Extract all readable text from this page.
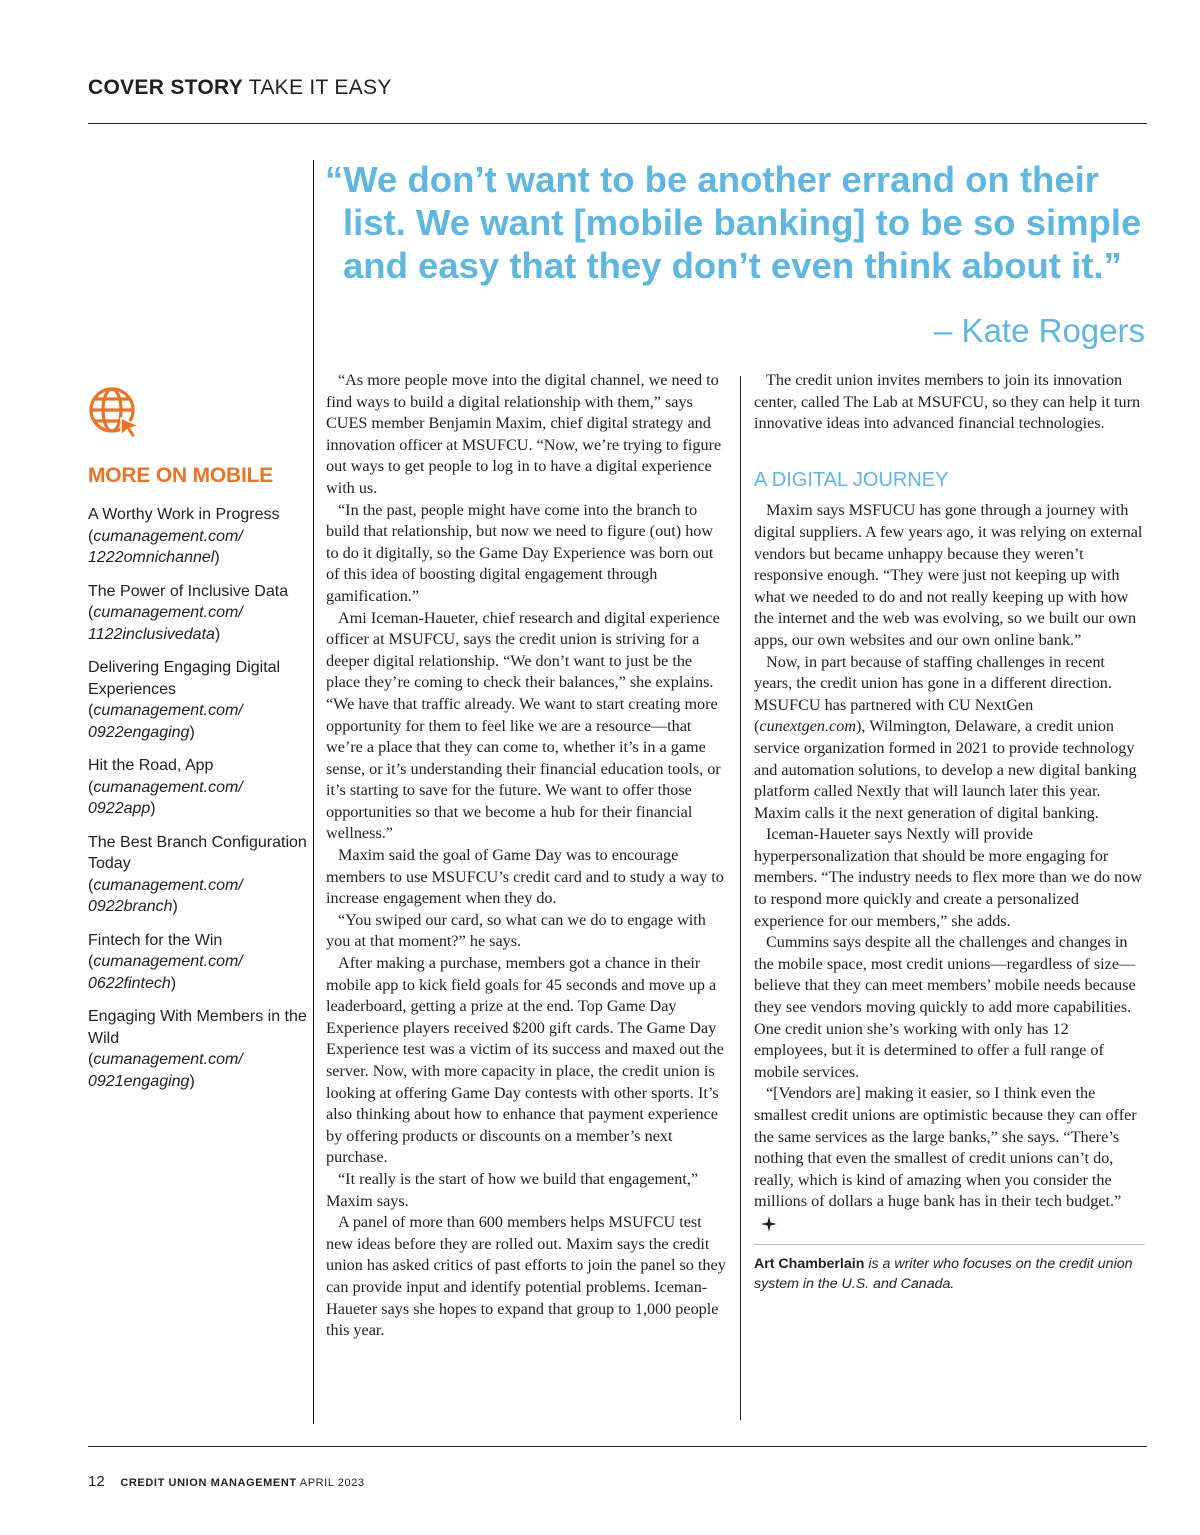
COVER STORY TAKE IT EASY

“We don’t want to be another errand on their list. We want [mobile banking] to be so simple and easy that they don’t even think about it.”

– Kate Rogers
MORE ON MOBILE
A Worthy Work in Progress
(cumanagement.com/ 1222omnichannel)
The Power of Inclusive Data
(cumanagement.com/ 1122inclusivedata)
Delivering Engaging Digital Experiences
(cumanagement.com/ 0922engaging)
Hit the Road, App
(cumanagement.com/ 0922app)
The Best Branch Configuration Today
(cumanagement.com/ 0922branch)
Fintech for the Win
(cumanagement.com/ 0622fintech)
Engaging With Members in the Wild
(cumanagement.com/ 0921engaging)

“As more people move into the digital channel, we need to find ways to build a digital relationship with them,” says CUES member Benjamin Maxim, chief digital strategy and innovation officer at MSUFCU. “Now, we’re trying to figure out ways to get people to log in to have a digital experience with us.

“In the past, people might have come into the branch to build that relationship, but now we need to figure (out) how to do it digitally, so the Game Day Experience was born out of this idea of boosting digital engagement through gamification.”

Ami Iceman-Haueter, chief research and digital experience officer at MSUFCU, says the credit union is striving for a deeper digital relationship. “We don’t want to just be the place they’re coming to check their balances,” she explains. “We have that traffic already. We want to start creating more opportunity for them to feel like we are a resource—that we’re a place that they can come to, whether it’s in a game sense, or it’s understanding their financial education tools, or it’s starting to save for the future. We want to offer those opportunities so that we become a hub for their financial wellness.”

Maxim said the goal of Game Day was to encourage members to use MSUFCU’s credit card and to study a way to increase engagement when they do.

“You swiped our card, so what can we do to engage with you at that moment?” he says.

After making a purchase, members got a chance in their mobile app to kick field goals for 45 seconds and move up a leaderboard, getting a prize at the end. Top Game Day Experience players received $200 gift cards. The Game Day Experience test was a victim of its success and maxed out the server. Now, with more capacity in place, the credit union is looking at offering Game Day contests with other sports. It’s also thinking about how to enhance that payment experience by offering products or discounts on a member’s next purchase.

“It really is the start of how we build that engagement,” Maxim says.

A panel of more than 600 members helps MSUFCU test new ideas before they are rolled out. Maxim says the credit union has asked critics of past efforts to join the panel so they can provide input and identify potential problems. Iceman-Haueter says she hopes to expand that group to 1,000 people this year.

The credit union invites members to join its innovation center, called The Lab at MSUFCU, so they can help it turn innovative ideas into advanced financial technologies.

A DIGITAL JOURNEY

Maxim says MSFUCU has gone through a journey with digital suppliers. A few years ago, it was relying on external vendors but became unhappy because they weren’t responsive enough. “They were just not keeping up with what we needed to do and not really keeping up with how the internet and the web was evolving, so we built our own apps, our own websites and our own online bank.”

Now, in part because of staffing challenges in recent years, the credit union has gone in a different direction. MSUFCU has partnered with CU NextGen (cunextgen.com), Wilmington, Delaware, a credit union service organization formed in 2021 to provide technology and automation solutions, to develop a new digital banking platform called Nextly that will launch later this year. Maxim calls it the next generation of digital banking.

Iceman-Haueter says Nextly will provide hyperpersonalization that should be more engaging for members. “The industry needs to flex more than we do now to respond more quickly and create a personalized experience for our members,” she adds.

Cummins says despite all the challenges and changes in the mobile space, most credit unions—regardless of size—believe that they can meet members’ mobile needs because they see vendors moving quickly to add more capabilities. One credit union she’s working with only has 12 employees, but it is determined to offer a full range of mobile services.

“[Vendors are] making it easier, so I think even the smallest credit unions are optimistic because they can offer the same services as the large banks,” she says. “There’s nothing that even the smallest of credit unions can’t do, really, which is kind of amazing when you consider the millions of dollars a huge bank has in their tech budget.”

Art Chamberlain is a writer who focuses on the credit union system in the U.S. and Canada.
12 CREDIT UNION MANAGEMENT APRIL 2023
